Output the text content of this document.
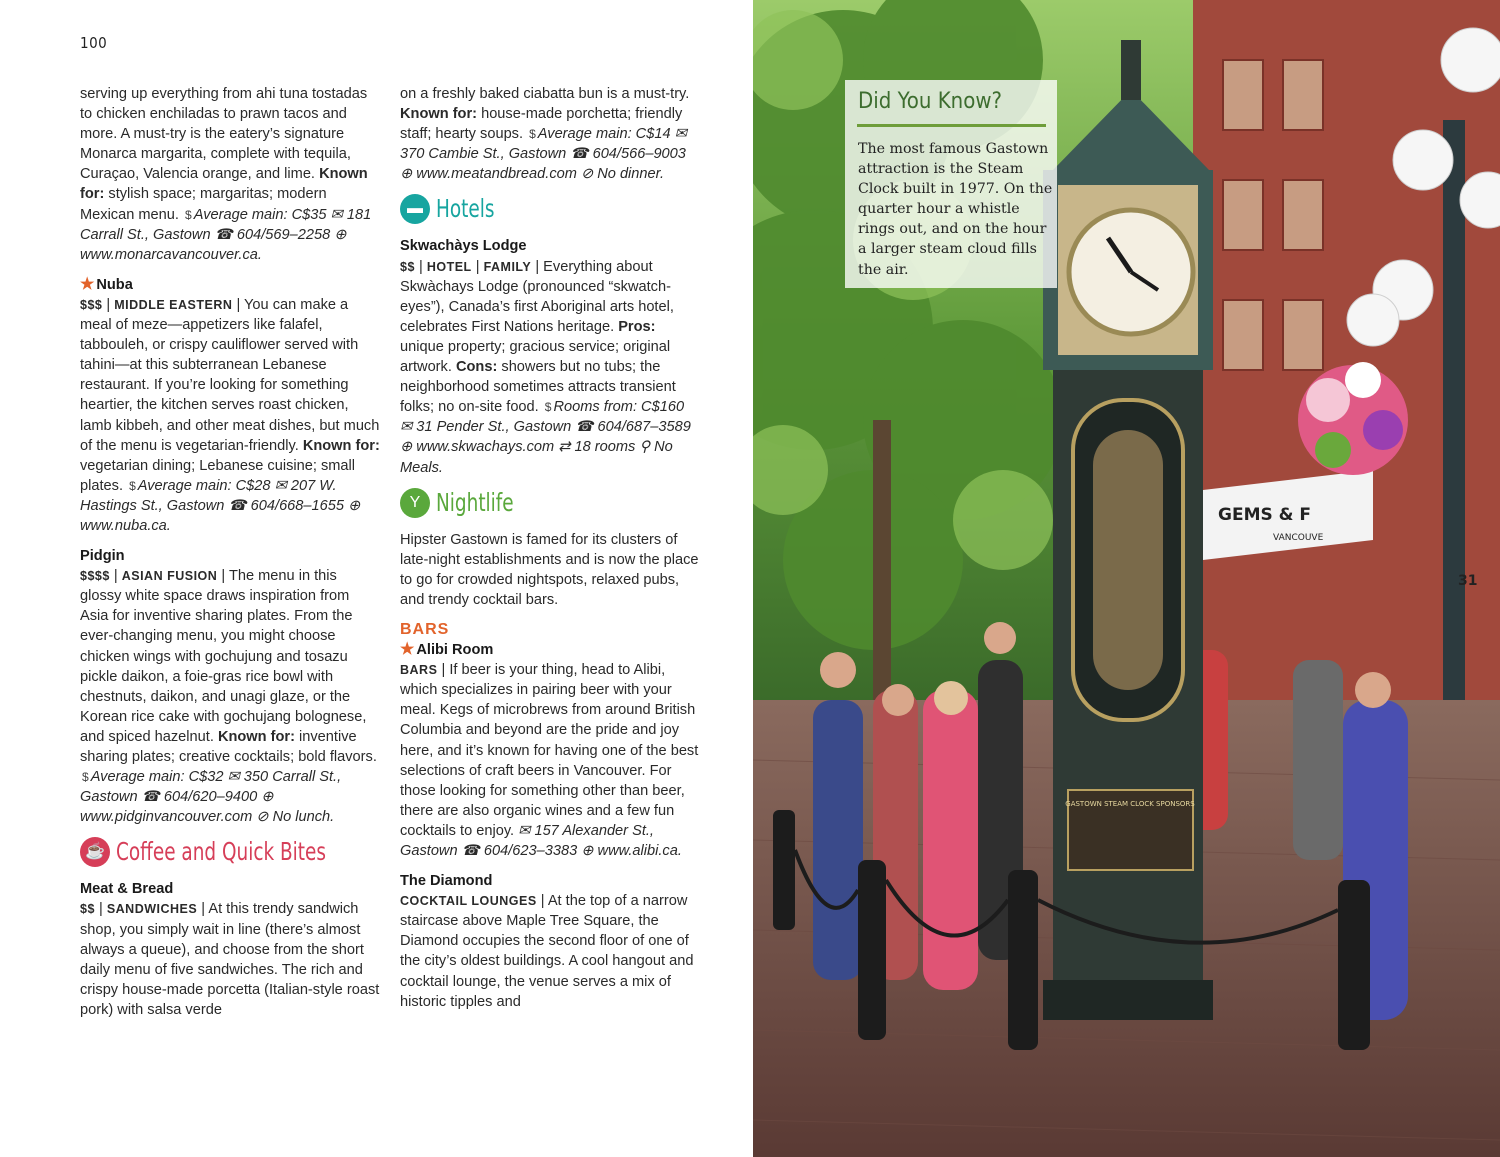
100

serving up everything from ahi tuna tostadas to chicken enchiladas to prawn tacos and more. A must-try is the eatery’s signature Monarca margarita, complete with tequila, Curaçao, Valencia orange, and lime. Known for: stylish space; margaritas; modern Mexican menu. $ Average main: C$35 ✉ 181 Carrall St., Gastown ☎ 604/569–2258 ⊕ www.monarcavancouver.ca.

★ Nuba

$$$ | MIDDLE EASTERN | You can make a meal of meze—appetizers like falafel, tabbouleh, or crispy cauliflower served with tahini—at this subterranean Lebanese restaurant. If you’re looking for something heartier, the kitchen serves roast chicken, lamb kibbeh, and other meat dishes, but much of the menu is vegetarian-friendly. Known for: vegetarian dining; Lebanese cuisine; small plates. $ Average main: C$28 ✉ 207 W. Hastings St., Gastown ☎ 604/668–1655 ⊕ www.nuba.ca.

Pidgin

$$$$ | ASIAN FUSION | The menu in this glossy white space draws inspiration from Asia for inventive sharing plates. From the ever-changing menu, you might choose chicken wings with gochujung and tosazu pickle daikon, a foie-gras rice bowl with chestnuts, daikon, and unagi glaze, or the Korean rice cake with gochujang bolognese, and spiced hazelnut. Known for: inventive sharing plates; creative cocktails; bold flavors. $ Average main: C$32 ✉ 350 Carrall St., Gastown ☎ 604/620–9400 ⊕ www.pidginvancouver.com ⊘ No lunch.

☕ Coffee and Quick Bites
Meat & Bread

$$ | SANDWICHES | At this trendy sandwich shop, you simply wait in line (there’s almost always a queue), and choose from the short daily menu of five sandwiches. The rich and crispy house-made porcetta (Italian-style roast pork) with salsa verde

on a freshly baked ciabatta bun is a must-try. Known for: house-made porchetta; friendly staff; hearty soups. $ Average main: C$14 ✉ 370 Cambie St., Gastown ☎ 604/566–9003 ⊕ www.meatandbread.com ⊘ No dinner.

▬ Hotels
Skwachàys Lodge

$$ | HOTEL | FAMILY | Everything about Skwàchays Lodge (pronounced “skwatch-eyes”), Canada’s first Aboriginal arts hotel, celebrates First Nations heritage. Pros: unique property; gracious service; original artwork. Cons: showers but no tubs; the neighborhood sometimes attracts transient folks; no on-site food. $ Rooms from: C$160 ✉ 31 Pender St., Gastown ☎ 604/687–3589 ⊕ www.skwachays.com ⇄ 18 rooms ⚲ No Meals.

Y Nightlife

Hipster Gastown is famed for its clusters of late-night establishments and is now the place to go for crowded nightspots, relaxed pubs, and trendy cocktail bars.

BARS
★ Alibi Room

BARS | If beer is your thing, head to Alibi, which specializes in pairing beer with your meal. Kegs of microbrews from around British Columbia and beyond are the pride and joy here, and it’s known for having one of the best selections of craft beers in Vancouver. For those looking for something other than beer, there are also organic wines and a few fun cocktails to enjoy. ✉ 157 Alexander St., Gastown ☎ 604/623–3383 ⊕ www.alibi.ca.

The Diamond

COCKTAIL LOUNGES | At the top of a narrow staircase above Maple Tree Square, the Diamond occupies the second floor of one of the city’s oldest buildings. A cool hangout and cocktail lounge, the venue serves a mix of historic tipples and

GEMS & F
VANCOUVE
31
GASTOWN STEAM CLOCK SPONSORS
Did You Know?
The most famous Gastown attraction is the Steam Clock built in 1977. On the quarter hour a whistle rings out, and on the hour a larger steam cloud fills the air.
